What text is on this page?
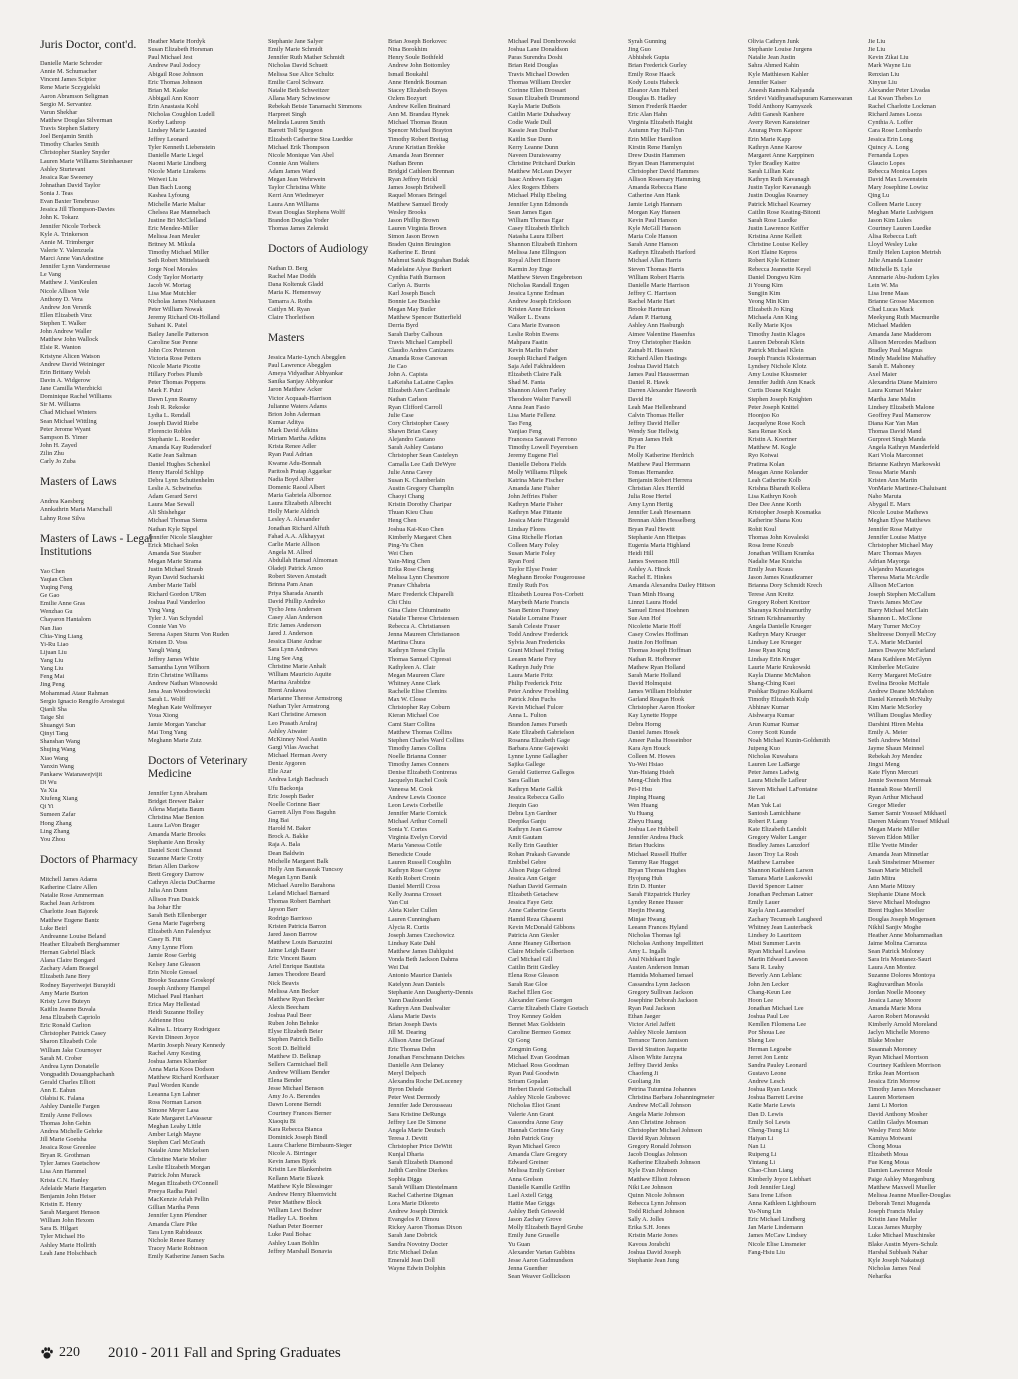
Juris Doctor, cont'd.
Danielle Marie Schroder
Annie M. Schumacher
Vincent James Scipior
Rene Marie Sczygielski
Aaron Abramson Seligman
Sergio M. Servantez
Varun Shekhar
Matthew Douglas Silverman
Travis Stephen Slattery
Joel Benjamin Smith
Timothy Charles Smith
Christopher Stanley Snyder
Lauren Marie Williams Steinhaeuser
Ashley Sturtevant
Jessica Rae Sweeney
Johnathan David Taylor
Sonia J. Teas
Evan Baxter Tenebruso
Jessica Jill Thompson-Davies
John K. Tokarz
Jennifer Nicole Torbeck
Kyle A. Trinkerson
Annie M. Trimberger
Valerie Y. Valenzuela
Marci Anne VanAdestine
Jennifer Lynn Vandermeuse
Le Vang
Matthew J. VanKeulen
Nicole Allison Vele
Anthony D. Vera
Andrew Jon Versnik
Ellen Elizabeth Vinz
Stephen T. Walker
John Andrew Waller
Matthew John Wallock
Elsie R. Wanton
Kristyne Alicen Watson
Andrew David Weininger
Erin Brittany Welsh
Davin A. Widgerow
Jane Camilla Wierzbicki
Dominique Rachel Williams
Sir M. Williams
Chad Michael Winters
Sean Michael Wittling
Peter Jerome Wyant
Sampson B. Yimer
John H. Zayed
Zilin Zhu
Carly Jo Zuba
Masters of Laws
Andrea Kaesberg
Annkathrin Maria Marschall
Lahny Rose Silva
Masters of Laws - Legal Institutions
Yao Chen
Yaqian Chen
Yuqing Feng
Ge Gao
Emilie Anne Gras
Wenzhao Gu
Chayaron Hantalom
Nan Jiao
Chia-Ying Liang
Yi-Ru Liao
Lijuan Liu
Yang Liu
Yang Liu
Feng Mai
Jing Peng
Mohammad Ataur Rahman
Sergio Ignacio Rengifo Arostegui
Qianli Sha
Taige Shi
Shuangyi Sun
Qinyi Tang
Shanshan Wang
Shujing Wang
Xiao Wang
Yanxin Wang
Pankaew Watanawejvijit
Di Wu
Ya Xia
Xiufeng Xiang
Qi Yi
Sumeen Zafar
Hong Zhang
Ling Zhang
You Zhou
Doctors of Pharmacy
Mitchell James Adams
Katherine Claire Allen
Natalie Rose Ammerman
Rachel Jean Arfstrom
Charlotte Joan Bajorek
Matthew Eugene Bantz
Luke Beirl
Andreanne Louise Beland
Heather Elizabeth Berghammer
Hernan Gabriel Black
Alana Claire Bongard
Zachary Adam Braegel
Elizabeth Jane Brey
Rodney Bayeriwejei Burayidi
Amy Marie Burton
Kristy Love Buteyn
Kaitlin Jeanne Buvala
Jena Elizabeth Capriolo
Eric Ronald Carlton
Christopher Patrick Casey
Sharon Elizabeth Cole
William Jake Cournoyer
Sarah M. Crober
Andrea Lynn Donatelle
Vongpadith Douangphachanh
Gerald Charles Elliott
Ann E. Eahun
Olabisi K. Falana
Ashley Danielle Fargen
Emily Anne Fellows
Thomas John Gehin
Andrea Michelle Gehrke
Jill Marie Goetsha
Jessica Rose Greenlee
Bryan R. Grothman
Tyler James Guetschow
Lisa Ann Hammel
Krista C.N. Hanley
Adelaide Marie Hargarten
Benjamin John Heiser
Kristin E. Henry
Sarah Margaret Henson
William John Hexom
Sara B. Hilgart
Tyler Michael Ho
Ashley Marie Hollrith
Leah Jane Holschbach
Heather Marie Hordyk
Susan Elizabeth Horsman
Paul Michael Jest
Andrew Paul Jodocy
Abigail Rose Johnson
Eric Thomas Johnson
Brian M. Kaske
Abbigail Ann Knorr
Erin Anastasia Kohl
Nicholas Coughlon Ludell
Korby Lathrop
Lindsey Marie Lausted
Jeffrey Leonard
Tyler Kenneth Liebenstein
Danielle Marie Liegel
Naomi Marie Lindberg
Nicole Marie Linskens
Weiwei Liu
Dan Bach Luong
Kashea Lyfoung
Michelle Marie Maltar
Chelsea Rae Mannebach
Justine Bri McClelland
Eric Mendez-Miller
Melissa Jean Meuler
Britney M. Mikula
Timothy Michael Miller
Seth Robert Mittelstaedt
Jorge Noel Morales
Cody Taylor Moriarty
Jacob W. Mortag
Lisa Mae Mutchler
Nicholas James Niehausen
Peter William Nowak
Jeremy Richard Ott-Holland
Suhani K. Patel
Bailey Janelle Patterson
Caroline Sue Penne
John Cox Peterson
Victoria Rose Petters
Nicole Marie Picotte
Hillary Forbes Plumb
Peter Thomas Poppens
Mark F. Putzi
Dawn Lynn Reamy
Josh R. Rekoske
Lydia L. Rendall
Joseph David Riebe
Florencio Robles
Stephanie L. Roeder
Amanda Kay Rudersdorf
Katie Jean Saltman
Daniel Hughes Schenkel
Henry Harold Schlipp
Debra Lynn Schuttenhelm
Leslie A. Schwinefus
Adam Gerard Servi
Laura Mae Sewall
Ali Shishehgar
Michael Thomas Siems
Nathan Kyle Sippel
Jennifer Nicole Slaughter
Erick Michael Sokn
Amanda Sue Stauber
Megan Marie Strama
Justin Michael Straub
Ryan David Sucharski
Amber Marie Taibl
Richard Gordon U'Ren
Joshua Paul Vanderloo
Ying Vang
Tyler J. Van Schyndel
Connie Van Vo
Serena Aspen Sturm Von Ruden
Kristen D. Voss
Yangli Wang
Jeffrey James White
Samantha Lynn Wilhorn
Erin Christine Williams
Andrew Nathan Wisnowski
Jena Jean Woodrowiecki
Sarah L. Wolff
Meghan Kate Wolfmeyer
Youa Xiong
Jamie Morgan Yanchar
Mai Tong Yang
Meghann Marie Zutz
Doctors of Veterinary Medicine
Jennifer Lynn Abraham
Bridget Brewer Baker
Ailena Marjatta Baum
Christina Mae Benton
Laura LaVon Brager
Amanda Marie Brooks
Stephanie Ann Brosky
Daniel Scott Chesnut
Suzanne Marie Crotty
Brian Allen Darkow
Brett Gregory Darrow
Cathryn Alecia DuCharme
Julia Ann Dunn
Allison Fran Dusick
Isa Johar Ehr
Sarah Beth Ellenberger
Gena Marie Fagerberg
Elizabeth Ann Falendysz
Casey B. Fitt
Amy Lynne Flom
Jamie Rose Gerbig
Kelsey Jane Gleason
Erin Nicole Gressel
Brooke Suzanne Groskopf
Joseph Anthony Hampel
Michael Paul Hanhart
Erica May Hellestad
Heidi Suzanne Holley
Adrienne Hou
Kalina L. Irizarry Rodriguez
Kevin Dineen Joyce
Martin Joseph Neary Kennedy
Rachel Amy Kesting
Joshua James Kluenker
Anna Maria Koos Dodson
Matthew Richard Korthauer
Paul Worden Kunde
Leeanna Lyn Lahner
Ross Norman Larson
Simone Meyer Lasa
Kate Margaret LeVasseur
Meghan Leahy Little
Amber Leigh Mayne
Stephen Carl McGrath
Natalie Anne Mickelsen
Christine Marie Molter
Leslie Elizabeth Morgan
Patrick John Murack
Megan Elizabeth O'Connell
Preeya Radha Patel
MacKenzie Arlah Pellin
Gillian Martha Penn
Jennifer Lynn Pfendner
Amanda Clare Pike
Tara Lynn Rabideaux
Nichole Renee Ramey
Tracey Marie Robinson
Emily Katherine Jansen Sachs
Stephanie Jane Salyer
Emily Marie Schmidt
Jennifer Ruth Mather Schmidt
Nicholas David Schuett
Melissa Sue Alice Schultz
Emilie Carol Schwarz
Natalie Beth Schweitzer
Allana Mary Schwiesow
Rebekah Betsie Tanamachi Simmons
Harpreet Singh
Melinda Lauren Smith
Barrett Toll Spurgeon
Elizabeth Catherine Stoa Luedtke
Michael Erik Thompson
Nicole Monique Van Abel
Connie Ann Walters
Adam James Ward
Megan Jean Wehrwein
Taylor Christina White
Kerri Ann Wiedmeyer
Laura Ann Williams
Ewan Douglas Stephens Wolff
Brandon Douglas Yoder
Thomas James Zelenski
Doctors of Audiology
Nathan D. Berg
Rachel Mae Dodds
Dana Koltenuk Gladd
Maria K. Hemenway
Tamarra A. Roths
Caitlyn M. Ryan
Claire Thorleifson
Masters
Jessica Marie-Lynch Abegglen
Paul Lawrence Abegglen
Ameya Vidyadhar Abhyankar
Sanika Sanjay Abhyankar
Jaron Matthew Acker
Victor Acquaah-Harrison
Julianne Waters Adams
Brion John Aderman
Kumar Aditya
Mark David Adkins
Miriam Martha Adkins
Krista Renee Adler
Ryan Paul Adrian
Kwame Adu-Bonnah
Paritosh Pratap Aggarkar
Nadia Boyd Alber
Domenic Raoul Albert
Maria Gabriela Albornoz
Laura Elizabeth Albrecht
Holly Marie Aldrich
Lesley A. Alexander
Jonathan Richard Alfuth
Fahad A.A. Alkhayyat
Carlie Marie Allison
Angela M. Allred
Abdullah Hamad Almoman
Oladeji Patrick Amoo
Robert Steven Amstadt
Brinna Pam Anan
Priya Sharada Ananth
David Phillip Andreko
Tycho Jens Andersen
Casey Alan Anderson
Eric James Anderson
Jared J. Anderson
Jessica Diane Andrae
Sara Lynn Andrews
Ling See Ang
Christine Marie Anhalt
William Mauricio Aquite
Marina Arabidze
Brent Arakawa
Marianne Therese Armstrong
Nathan Tyler Armstrong
Kari Christine Arneson
Leo Prasath Arulraj
Ashley Atwater
McKinney Noel Austin
Gargi Vilas Avachat
Michael Herman Avery
Deniz Aygoren
Elie Azar
Andrea Leigh Bachrach
Ufu Backonja
Eric Joseph Bader
Noelle Corinne Baer
Garrett Allyn Foss Baguhn
Jing Bai
Harold M. Baker
Brock A. Bakke
Raja A. Bala
Dean Baldwin
Michelle Margaret Balk
Holly Ann Banaszak Tuncsoy
Megan Lynn Banik
Michael Aurelio Barahona
Leland Michael Barnard
Thomas Robert Barnhart
Jayson Barr
Rodrigo Barrioso
Kristen Patricia Barron
Jared Jason Barrow
Matthew Louis Baruzzini
Jaime Leigh Bauer
Eric Vincent Baum
Ariel Enrique Bautista
James Theodore Beard
Nick Beavis
Melissa Ann Becker
Matthew Ryan Becker
Alexis Beecham
Joshua Paul Beer
Ruben John Behnke
Elyse Elizabeth Beier
Stephen Patrick Bello
Scott D. Belfield
Matthew D. Belknap
Sellers Carmichael Bell
Andrew William Bender
Elena Bender
Jesse Michael Benson
Amy Jo A. Berendes
Dawn Lorene Berndt
Courtney Frances Berner
Xiaoqiu Bi
Kara Rebecca Bianca
Dominick Joseph Bindl
Laura Charlene Birnbaum-Sieger
Nicole A. Birringer
Kevin James Bjork
Kristin Lee Blankenheim
Kellann Marie Blazek
Matthew Kyle Blessinger
Andrew Henry Bluemvicht
Peter Matthew Block
William Levi Bodner
Hadley LA. Boehm
Nathan Peter Boerner
Luke Paul Bohac
Ashley Luan Bohlin
Jeffrey Marshall Bonavia
Brian Joseph Borkovec
Nina Borokhim
Henry Soule Bothfeld
Andrew John Bottomley
Ismail Boukahil
Anne Hendrik Bouman
Stacey Elizabeth Boyes
Ozlem Bozyurt
Andrew Kellen Brainard
Ann M. Brandau Hynek
Michael Thomas Braun
Spencer Michael Brayton
Timothy Robert Breitag
Arune Kristian Brekke
Amanda Jean Brenner
Nathan Brenn
Bridgid Cathleen Brennan
Ryan Jeffrey Brickl
James Joseph Bridwell
Raquel Moraes Bringel
Matthew Samuel Brody
Wesley Brooks
Jason Phillip Brown
Lauren Virginia Brown
Simon Jason Brown
Braden Quinn Bruington
Katherine E. Bruni
Mahmut Satuk Bugrahan Budak
Madelaine Alyse Burkert
Cynthia Faith Burnson
Carlyn A. Burris
Karl Joseph Busch
Bonnie Lee Buschke
Megan May Butler
Matthew Spencer Butterfield
Derria Byrd
Sarah Darby Calhoun
Travis Michael Campbell
Claudio Andres Canizares
Amanda Rose Canovan
Jie Cao
John A. Capista
LaKeisha LaLaine Caples
Elizabeth Ann Cardinale
Nathan Carlson
Ryan Clifford Carroll
Julie Case
Cory Christopher Casey
Shawn Brian Casey
Alejandro Castano
Sarah Ashley Castano
Christopher Sean Casteleyn
Camalla Lee Cath DeWyre
Julie Anna Cavey
Susan K. Chamberlain
Austin Gregory Champlin
Chaoyi Chang
Kristin Dorothy Charipar
Thuan Kieu Chau
Heng Chen
Joshua Kai-Kuo Chen
Kimberly Margaret Chen
Ping-Yu Chen
Wei Chen
Yain-Ming Chen
Erika Rose Cheng
Melissa Lynn Chesmore
Pranav Chhabria
Marc Frederick Chiparelli
Chi Chiu
Gina Claire Chiuminatto
Natalie Therese Christensen
Rebecca A. Christiansen
Jenna Maureen Christianson
Martina Chura
Kathryn Terese Chylla
Thomas Samuel Cipressi
Kathyleen A. Clair
Megan Maureen Clare
Whitney Anne Clark
Rachelle Elise Clemins
Max W. Closse
Christopher Ray Coburn
Kieran Michael Coe
Cami Starr Collins
Matthew Thomas Collins
Stephen Charles Ward Collins
Timothy James Collins
Noelle Brianna Conner
Timothy James Conners
Denise Elizabeth Contreras
Jacquelyn Rachel Cook
Vaneesa M. Cook
Andrew Lewis Coonce
Leon Lewis Corbeille
Jennifer Marie Cornick
Michael Arthur Cornell
Sonia Y. Cortes
Virginia Evelyn Corvid
Maria Vanessa Cottle
Benedicte Coude
Lauren Russell Coughlin
Kathryn Rose Coyne
Keith Robert Cronin
Daniel Merrill Cross
Kelly Joanna Crosset
Yan Cui
Aleta Kieler Cullen
Lauren Cunningham
Alycia R. Curtis
Joseph James Czechowicz
Lindsay Kate Dahl
Matthew James Dahlquist
Vonda Beth Jackson Dahms
Wei Dai
Antonio Maurice Daniels
Katelynn Jean Daniels
Stephanie Ann Daugherty-Dennis
Yann Daulouedet
Kathryn Ann Daulwalter
Alana Marie Davis
Brian Joseph Davis
Jill M. Dearing
Allison Anne DeGraaf
Eric Thomas Dehn
Jonathan Ferschmann Deiches
Danielle Ann Delaney
Meryl Delpech
Alexandra Roche DeLuceney
Byron Delude
Peter West Dermody
Jennifer Jade Derousseau
Sara Kristine DeRungs
Jeffrey Lee De Simone
Angela Marie Deutsch
Teresa J. Devitt
Christopher Price DeWitt
Kunjal Dharia
Sarah Elizabeth Diamond
Judith Caroline Dierkes
Sophia Diggs
Sarah William Diestelmann
Rachel Catherine Digman
Lora Marie Diloreto
Andrew Joseph Dirnick
Evangelos P. Dimou
Rickey Aaron Thomas Dixon
Sarah Jane Dobrick
Sandra Novotny Docter
Eric Michael Dolan
Emerald Jean Doll
Wayne Edwin Dolphin
Michael Paul Dombrowski
Joshua Lane Donaldson
Paras Surendra Doshi
Brian Reid Douglas
Travis Michael Dowden
Thomas William Drexler
Corinne Ellen Drossart
Susan Elizabeth Drummond
Kayla Marie DuBois
Caitlin Marie Duhadway
Codie Wade Dull
Kassie Jean Dunbar
Kaitlin Sue Dunn
Kerry Leanne Dunn
Naveen Duraiswamy
Christine Pritchard Durkin
Matthew McLean Dwyer
Isaac Andrews Eagan
Alex Rogers Ebbers
Michael Philip Ebeling
Jennifer Lynn Edmonds
Sean James Egan
William Thomas Egar
Casey Elizabeth Ehrlich
Natasha Laura Eilbert
Shannon Elizabeth Einhorn
Melissa Jane Ellingson
Royal Albert Elmore
Karmin Joy Enge
Matthew Steven Engebretson
Nicholas Randall Engen
Jessica Lynne Erdman
Andrew Joseph Erickson
Kristen Anne Erickson
Walker L. Evans
Cara Marie Evanson
Leslie Robin Ewens
Mahpara Faatin
Kevin Marlin Faber
Joseph Richard Fadgen
Saja Adel Fakhraldeen
Elizabeth Claire Falk
Shad M. Fanta
Shannon Aileen Farley
Theodore Walter Farwell
Anna Jean Fasio
Lisa Marie Fellenz
Tao Feng
Yanjiao Feng
Francesca Saravati Ferrono
Timothy Lowell Feyereisen
Jeremy Eugene Fiel
Danielle Debora Fields
Molly Williams Filipek
Katrina Marie Fischer
Amanda Jane Fisher
John Jeffries Fisher
Kathryn Marie Fisher
Kathryn Mae Fittante
Jessica Marie Fitzgerald
Lindsay Flores
Gina Richelle Florian
Colleen Mary Foley
Susan Marie Foley
Ryan Ford
Taylor Elyse Foster
Meghann Brooke Fougerousse
Emily Ruth Fox
Elizabeth Lourea Fox-Corbett
Marybeth Marie Francis
Sean Benton Franey
Natalie Lorraine Fraser
Sarah Celeste Fraser
Todd Andrew Frederick
Sylvia Jean Fredericks
Grant Michael Freitag
Leeann Marie Frey
Kathryn Judy Frie
Laura Marie Fritz
Philip Frederick Fritz
Peter Andrew Froehling
Patrick John Fuchs
Kevin Michael Fulcer
Anna L. Fulton
Brandon James Furseth
Kate Elizabeth Gabrielson
Rosanna Elizabeth Gage
Barbara Anne Gajewski
Lynne Lynne Gallagher
Sajika Gallege
Gerald Gutierrez Gallegos
Sara Gallian
Kathryn Marie Gallik
Jessica Rebecca Gallo
Jiequin Gao
Debra Lyn Gardner
Deepika Ganju
Kathryn Jean Garrow
Amit Gautam
Kelly Erin Gauthier
Rohan Prakash Gavande
Embibel Gebre
Alison Paige Gehred
Jessica Ann Geiger
Nathan David Germain
Elizabeth Getachew
Jessica Faye Getz
Anne Catherine Geurts
Hamid Reza Ghasemi
Kevin McDonald Gibbons
Patricia Ann Giesler
Anne Heaney Gilbertson
Claire Michele Gilbertson
Carl Michael Gill
Caitlin Britt Girdley
Elena Rose Gleason
Sarah Rae Gloe
Rachel Ellen Goc
Alexander Gene Goergen
Carrie Elizabeth Claire Goetsch
Troy Kenney Golden
Bennet Max Goldstein
Caroline Bermeo Gomez
Qi Gong
Zongmin Gong
Michael Evan Goodman
Michael Ross Goodman
Ryan Paul Goodwin
Sriram Gopalan
Herbert David Gottschall
Ashley Nicole Grabovec
Nicholas Eliot Grant
Valerie Ann Grant
Cassondra Anne Gray
Hannah Corinne Gray
John Patrick Gray
Ryan Michael Greco
Amanda Clare Gregory
Edward Greiner
Melissa Emily Greiser
Anna Grelson
Danielle Kamille Griffin
Lael Axtell Grigg
Hattie Mae Griggs
Ashley Beth Griswold
Jason Zachary Grove
Molly Elizabeth Bayrd Grube
Emily June Gruselle
Yu Guan
Alexander Vartan Gubbins
Jesse Aaron Gudmundson
Jenna Guenther
Sean Weaver Gollickson
Syrah Gunning
Jing Guo
Abhishek Gupta
Brian Frederick Gurley
Emily Rose Haack
Kody Louis Habeck
Eleanor Ann Haberl
Douglas B. Hadley
Simon Frederik Haeder
Eric Alan Hahn
Virginia Elizabeth Haight
Autumn Fay Hall-Tun
Erin Miller Hamilton
Kirstin Rene Hamlyn
Drew Dustin Hammen
Bryan Dean Hammerquist
Christopher David Hammes
Allison Rosemary Hamming
Amanda Rebecca Hane
Catherine Ann Hank
Jamie Leigh Hannam
Morgan Kay Hansen
Kevin Paul Hanson
Kyle McGill Hanson
Maria Cole Hanson
Sarah Anne Hanson
Kathryn Elizabeth Harford
Michael Allan Harris
Steven Thomas Harris
William Robert Harris
Danielle Marie Harrison
Jeffrey C. Harrison
Rachel Marie Hart
Brooke Hartman
Adam P. Hartung
Ashley Ann Hasburgh
Aimee Valentine Hasenfus
Troy Christopher Haskin
Zainab H. Hassen
Richard Allen Hastings
Joshua David Hatch
James Paul Hausserman
Daniel R. Hawk
Darren Alexander Haworth
David He
Leah Mae Hellenbrand
Calvin Thomas Heller
Jeffrey David Heller
Wendy Sue Hellwig
Bryan James Helt
Pu Her
Molly Katherine Herdrich
Matthew Paul Herrmann
Tomas Hernandez
Benjamin Robert Herrera
Christian Alex Herrild
Julia Rose Hertel
Amy Lynn Hertig
Jennifer Leah Hesemann
Brennan Alden Hesselberg
Bryan Paul Hewitt
Stephanie Ann Hietpas
Eugenia Maria Highland
Heidi Hill
James Swenson Hill
Ashley A. Hinck
Rachel E. Hinkes
Amanda Alexandra Dailey Hittson
Tuan Minh Hoang
Linnzi Laura Hodel
Samuel Ernest Hoehnen
Sue Ann Hof
Nicolette Marie Hoff
Casey Cowles Hoffman
Justin Jon Hoffman
Thomas Joseph Hoffman
Nathan R. Hofbrener
Mathew Ryan Holland
Sarah Marie Holland
David Holmquist
James William Holzhuter
Garland Reagan Hook
Christopher Aaron Hooker
Kay Lynette Hoppe
Debra Horng
Daniel James Hosek
Ameer Pasha Hosseinbor
Kara Ayn Houck
Colleen M. Howes
Yu-Wei Hsiao
Yun-Hsiang Hsieh
Meng-Chieh Hsu
Pei-I Hsu
Jinping Huang
Wen Huang
Yu Huang
Zheyu Huang
Joshua Lee Hubbell
Jennifer Andrea Huck
Brian Huckins
Michael Russell Huffer
Tammy Rae Hugget
Bryan Thomas Hughes
Hyojung Huh
Erin D. Hunter
Sarah Fitzpatrick Hurley
Lyndey Renee Husser
Heejin Hwang
Minjae Hwang
Leeann Frances Hyland
Nicholas Thomas Igl
Nicholas Anthony Impellitteri
Amy L. Ingalls
Atul Nishikant Ingle
Austen Anderson Inman
Hamida Mohamed Ismael
Cassandra Lynn Jackson
Gregory Sullivan Jackson
Josephine Deborah Jackson
Ryan Paul Jackson
Ethan Jaeger
Victor Ariel Jaffett
Ashley Nicole Jamison
Terrance Taron Jamison
David Stratton Jaquette
Alison White Jarzyna
Jeffrey David Jenks
Chaofeng Ji
Guoliang Jin
Petrina Tutumina Johannes
Christina Barbara Johanningmeier
Andrew McCall Johnson
Angela Marie Johnson
Ann Christine Johnson
Christopher Michael Johnson
David Ryan Johnson
Gregory Ronald Johnson
Jacob Douglas Johnson
Katherine Elizabeth Johnson
Kyle Evan Johnson
Matthew Elliott Johnson
Niki Lee Johnson
Quinn Nicole Johnson
Rebecca Lynn Johnson
Todd Richard Johnson
Sally A. Jolles
Erika S.H. Jones
Kristin Marie Jones
Kavous Jorabchi
Joshua David Joseph
Stephanie Jean Jung
Olivia Cathryn Junk
Stephanie Louise Jurgens
Natalie Jean Justin
Sahra Ahmed Kahin
Kyle Matthiesen Kahler
Jennifer Kaiser
Aneesh Ramesh Kalyanda
Sridevi Vaidhyanathapuram Kameswaran
Todd Anthony Kamyszek
Aditi Ganesh Kanhere
Avery Reven Kansteiner
Anurag Prem Kapoor
Erin Marie Kapp
Kathryn Anne Karow
Margaret Anne Karppinen
Tyler Bradley Kattre
Sarah Lillian Katz
Kathryn Ruth Kavanagh
Justin Taylor Kavanaugh
Justin Douglas Kearney
Patrick Michael Kearney
Caitlin Rose Keating-Bitonti
Sarah Rose Luedke
Justin Lawrence Keiffer
Kristina Anne Kellett
Christine Louise Kelley
Kori Elaine Kepros
Robert Kyle Kettner
Rebecca Jeannette Keyel
Daniel Dongwu Kim
Ji Young Kim
Sungjin Kim
Yeong Min Kim
Elizabeth Jo King
Michaela Ann King
Kelly Marie Kjos
Timothy Justin Klagos
Lauren Deborah Klein
Patrick Michael Klein
Joseph Francis Klosterman
Lyndsey Nichole Klotz
Amy Louise Klusmeier
Jennifer Judith Ann Knack
Curtis Doane Knight
Stephen Joseph Knighten
Peter Joseph Knittel
Hoonjoo Ko
Jacquelyne Rose Koch
Sara Renae Kock
Kristin A. Koertner
Matthew M. Kogle
Ryo Koiwai
Pratima Kolan
Meagan Anne Kolander
Leah Catherine Kolb
Krishna Bharath Kollera
Lisa Kathryn Kooh
Dee Dee Anne Korth
Kristopher Joseph Kosmatka
Katherine Shana Kou
Rohit Koul
Thomas John Kovaleski
Rosa Irene Kozub
Jonathan William Kramka
Nadalie Mae Kratcha
Emily Jean Kraus
Jason James Krautkramer
Brianna Dory Schmidt Krech
Terese Ann Kreitz
Gregory Robert Kreitzer
Sharanya Krishnamurthy
Sriram Krishnamurthy
Angela Danielle Krueger
Kathryn Mary Krueger
Lindsay Lee Krueger
Jesse Ryan Krug
Lindsay Erin Kruger
Laurie Marie Krukowski
Kayla Dianne McMahon
Shang-Ching Kuei
Pushkar Bujirao Kulkarni
Timothy Elizabeth Kulp
Abhinav Kumar
Aishwarya Kumar
Arun Kumar Kumar
Corey Scott Kunde
Noah Michael Kunin-Goldsmith
Juipeng Kuo
Nicholas Kuwahara
Lauren Lee LaBarge
Peter James Ladwig
Laura Michelle Lafleur
Steven Michael LaFontaine
Jie Lai
Man Yuk Lai
Santosh Lamichhane
Robert P. Lamp
Kate Elizabeth Landolt
Gregory Walter Langer
Bradley James Lanzdorf
Jason Troy La Rosh
Matthew Larrabee
Shannon Kathleen Larson
Tamara Marie Laskowski
David Spencer Latner
Jonathan Pechman Latner
Emily Lauer
Kayla Ann Lauersdorf
Zachary Tecumseh Laugheed
Whitney Jean Lauterback
Lindsey Jo Lauritzen
Misti Summer Lavin
Ryan Michael Lawless
Martin Edward Lawson
Sara R. Leahy
Beverly Ann Leblanc
John Jen Lecker
Chang-Keun Lee
Hoon Lee
Jonathan Michael Lee
Joshua Paul Lee
Kemllen Filomena Lee
Por Shoua Lee
Sheng Lee
Herman Legoabe
Jerret Jon Lentz
Sandra Pauley Leonard
Gustavo Leone
Andrew Lesch
Joshua Ryan Leuck
Joshua Barrett Levine
Katie Marie Lewis
Dan D. Lewis
Emily Sol Lewis
Cheng-Tsung Li
Haiyan Li
Nan Li
Ruipeng Li
Yintang Li
Chao-Chun Liang
Kimberly Joyce Liebhart
Jodi Jennifer Liegl
Sara Irene Lifson
Anna Kathleen Lightbourn
Yu-Nung Lin
Eric Michael Lindberg
Jan Marie Lindemann
James McCaw Lindsey
Nicole Elise Linsmeier
Fang-Hsiu Liu
Jie Liu
Jie Liu
Kevin Zikai Liu
Mark Wayne Liu
Renxian Liu
Xinyue Liu
Alexander Peter Livadas
Lai Kwan Thebes Lo
Rachel Charlotte Lockman
Richard James Loeza
Cynthia A. Loffer
Cara Rose Lombardo
Jessica Erin Long
Quincy A. Long
Fernanda Lopes
Glaucio Lopes
Rebecca Monica Lopes
David Max Lowenstein
Mary Josephine Lowisz
Qing Lu
Colleen Marie Lucey
Meghan Marie Ludvigsen
Jason Kim Lukes
Courtney Lauren Luedke
Alisa Rebecca Luft
Lloyd Wesley Luke
Emily Helen Lupton Metrish
Julie Amanda Lussier
Mitchelle B. Lyle
Annmarie Abu-Judom Lyles
Lein W. Ma
Lisa Irene Maas
Brianne Grosse Macemon
Chad Lucas Mack
Meekyung Ruth Macmurdie
Michael Madden
Amanda Jane Madderom
Allison Mercedes Madison
Bradley Paul Magnus
Mindy Madeline Mahaffey
Sarah E. Mahoney
Axel Maier
Alexandria Diane Mainiero
Laura Kumari Maker
Martha Jane Malin
Lindsey Elizabeth Malone
Geoffrey Paul Mamerow
Diana Kar Yan Man
Thomas David Mand
Gurpreet Singh Manda
Angela Kathryn Manderfeld
Kari Viola Marconnet
Brianne Kathryn Markowski
Tessa Marie Marsh
Kristen Ann Martin
VonMarie Martinez-Chaluisant
Naho Maruta
Abygail E. Marx
Nicole Louise Mathews
Meghan Elyse Matthews
Jennifer Rose Mattye
Jennifer Louise Mattye
Christopher Michael May
Marc Thomas Mayes
Adrian Mayorga
Alejandro Mazariegos
Theresa Maria McArdle
Allison McCarton
Joseph Stephen McCallum
Travis James McCaw
Barry Michael McClain
Shannon L. McClone
Mary Turner McCoy
Sheltreese Donyell McCoy
T.A. Marie McDaniel
James Dwayne McFarland
Mara Kathleen McGlynn
Kimberlee McGuire
Kerry Margaret McGuire
Evelina Brooke McHale
Andrew Deane McMahon
Daniel Kenneth McNulty
Kim Marie McSorley
William Douglas Medley
Darshini Hiren Mehta
Emily A. Meier
Seth Andrew Meinel
Jayme Shaun Meinnel
Rebekah Joy Mendez
Jingxi Meng
Kate Flynn Mercuri
Jennie Swenson Meresak
Hannah Rose Merrill
Ryan Arthur Michaud
Gregor Mieder
Samer Samir Youssef Mikhaeil
Dareen Makram Yousef Mikhail
Megan Marie Miller
Steven Eldon Miller
Ellie Yvette Minder
Amanda Jean Minnetlar
Leah Sinsheimer Misemer
Susan Marie Mitchell
Jatin Mitra
Ann Marie Mitzey
Stephanie Diane Mock
Steve Michael Modugno
Brent Hughes Moeller
Douglas Joseph Mogensen
Nikhil Sanjiv Moghe
Heather Anne Mohammadian
Jaime Molina Carranza
Sean Patrick Moloney
Sara Iris Montanez-Sauri
Laura Ann Montez
Suzanne Dolores Montoya
Raghuvardhan Moola
Jordan Noelle Mooney
Jessica Lanay Moore
Amanda Marie Mora
Aaron Robert Morawski
Kimberly Arnold Moreland
Jaclyn Michelle Moreno
Blake Mosher
Susannah Moroney
Ryan Michael Morrison
Courtney Kathleen Morrison
Erika Jean Morrison
Jessica Erin Morrow
Timothy James Morschauser
Lauren Mortensen
Jami Li Morton
David Anthony Mosher
Caitlin Gladys Mosman
Wesley Ferzi Mote
Kamiya Motwani
Chong Moua
Elizabeth Moua
Fue Keng Moua
Damien Lawrence Moule
Paige Ashley Muegenburg
Matthew Maxwell Mueller
Melissa Jeanne Mueller-Douglas
Deborah Tenzi Mugenda
Joseph Francis Mulay
Kristin Jane Muller
Lucas James Murphy
Luke Michael Muschinske
Blake Austin Myers-Schulz
Harshal Subhash Nahar
Kyle Joseph Nakatsuji
Nicholas James Neal
Neharika
220 2010 - 2011 Fall and Spring Graduates
